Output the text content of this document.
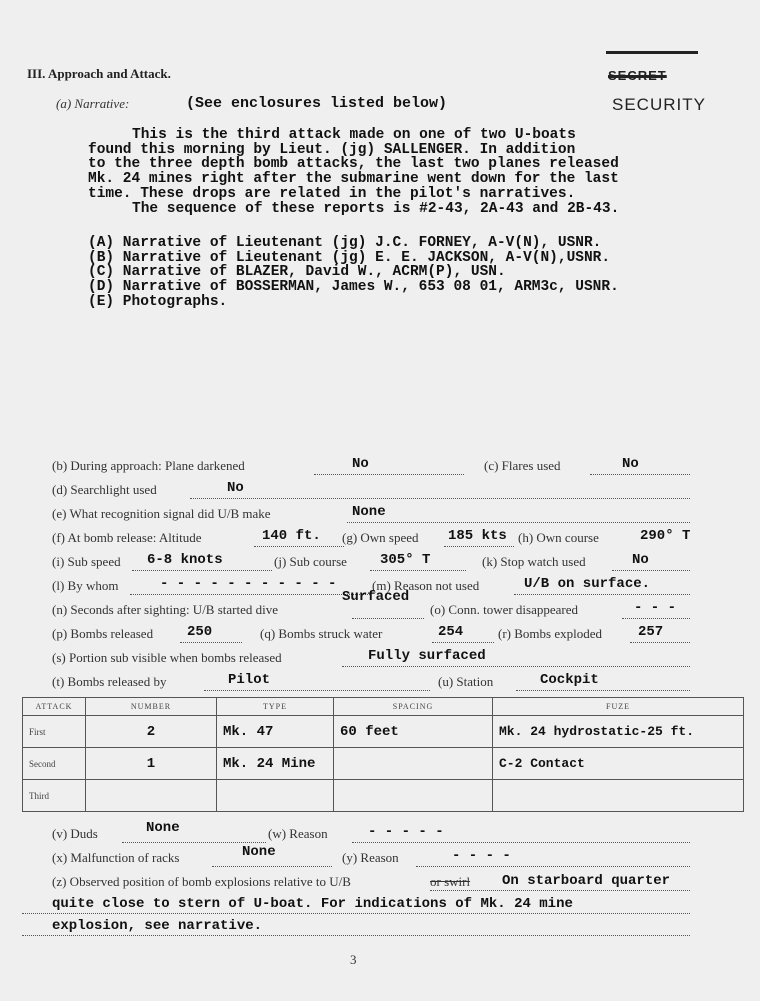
III. Approach and Attack.	SECRET
SECURITY
(a) Narrative:	(See enclosures listed below)
This is the third attack made on one of two U-boats
found this morning by Lieut. (jg) SALLENGER. In addition
to the three depth bomb attacks, the last two planes released
Mk. 24 mines right after the submarine went down for the last
time. These drops are related in the pilot's narratives.
The sequence of these reports is #2-43, 2A-43 and 2B-43.
(A) Narrative of Lieutenant (jg) J.C. FORNEY, A-V(N), USNR.
(B) Narrative of Lieutenant (jg) E. E. JACKSON, A-V(N),USNR.
(C) Narrative of BLAZER, David W., ACRM(P), USN.
(D) Narrative of BOSSERMAN, James W., 653 08 01, ARM3c, USNR.
(E) Photographs.
(b) During approach: Plane darkened	No	(c) Flares used	No
(d) Searchlight used	No
(e) What recognition signal did U/B make	None
(f) At bomb release: Altitude	140 ft. (g) Own speed 185 kts (h) Own course	290° T
(i) Sub speed 6-8 knots	(j) Sub course 305° T	(k) Stop watch used	No
(l) By whom	- - - - - - - - - - -	(m) Reason not used	U/B on surface.
(n) Seconds after sighting: U/B started dive
Surfaced
(o) Conn. tower disappeared	- - -
(p) Bombs released 250	(q) Bombs struck water	254	(r) Bombs exploded	257
(s) Portion sub visible when bombs released	Fully surfaced
(t) Bombs released by	Pilot	(u) Station	Cockpit
ATTACK	NUMBER	TYPE	SPACING	FUZE
First	2	Mk. 47	60 feet	Mk. 24 hydrostatic-25 ft.
Second	1	Mk. 24 Mine		C-2 Contact
Third				
(v) Duds	None	(w) Reason	- - - - -
(x) Malfunction of racks	None	(y) Reason	- - - -
(z) Observed position of bomb explosions relative to U/B	or swirl On starboard quarter
quite close to stern of U-boat. For indications of Mk. 24 mine
explosion, see narrative.
3
